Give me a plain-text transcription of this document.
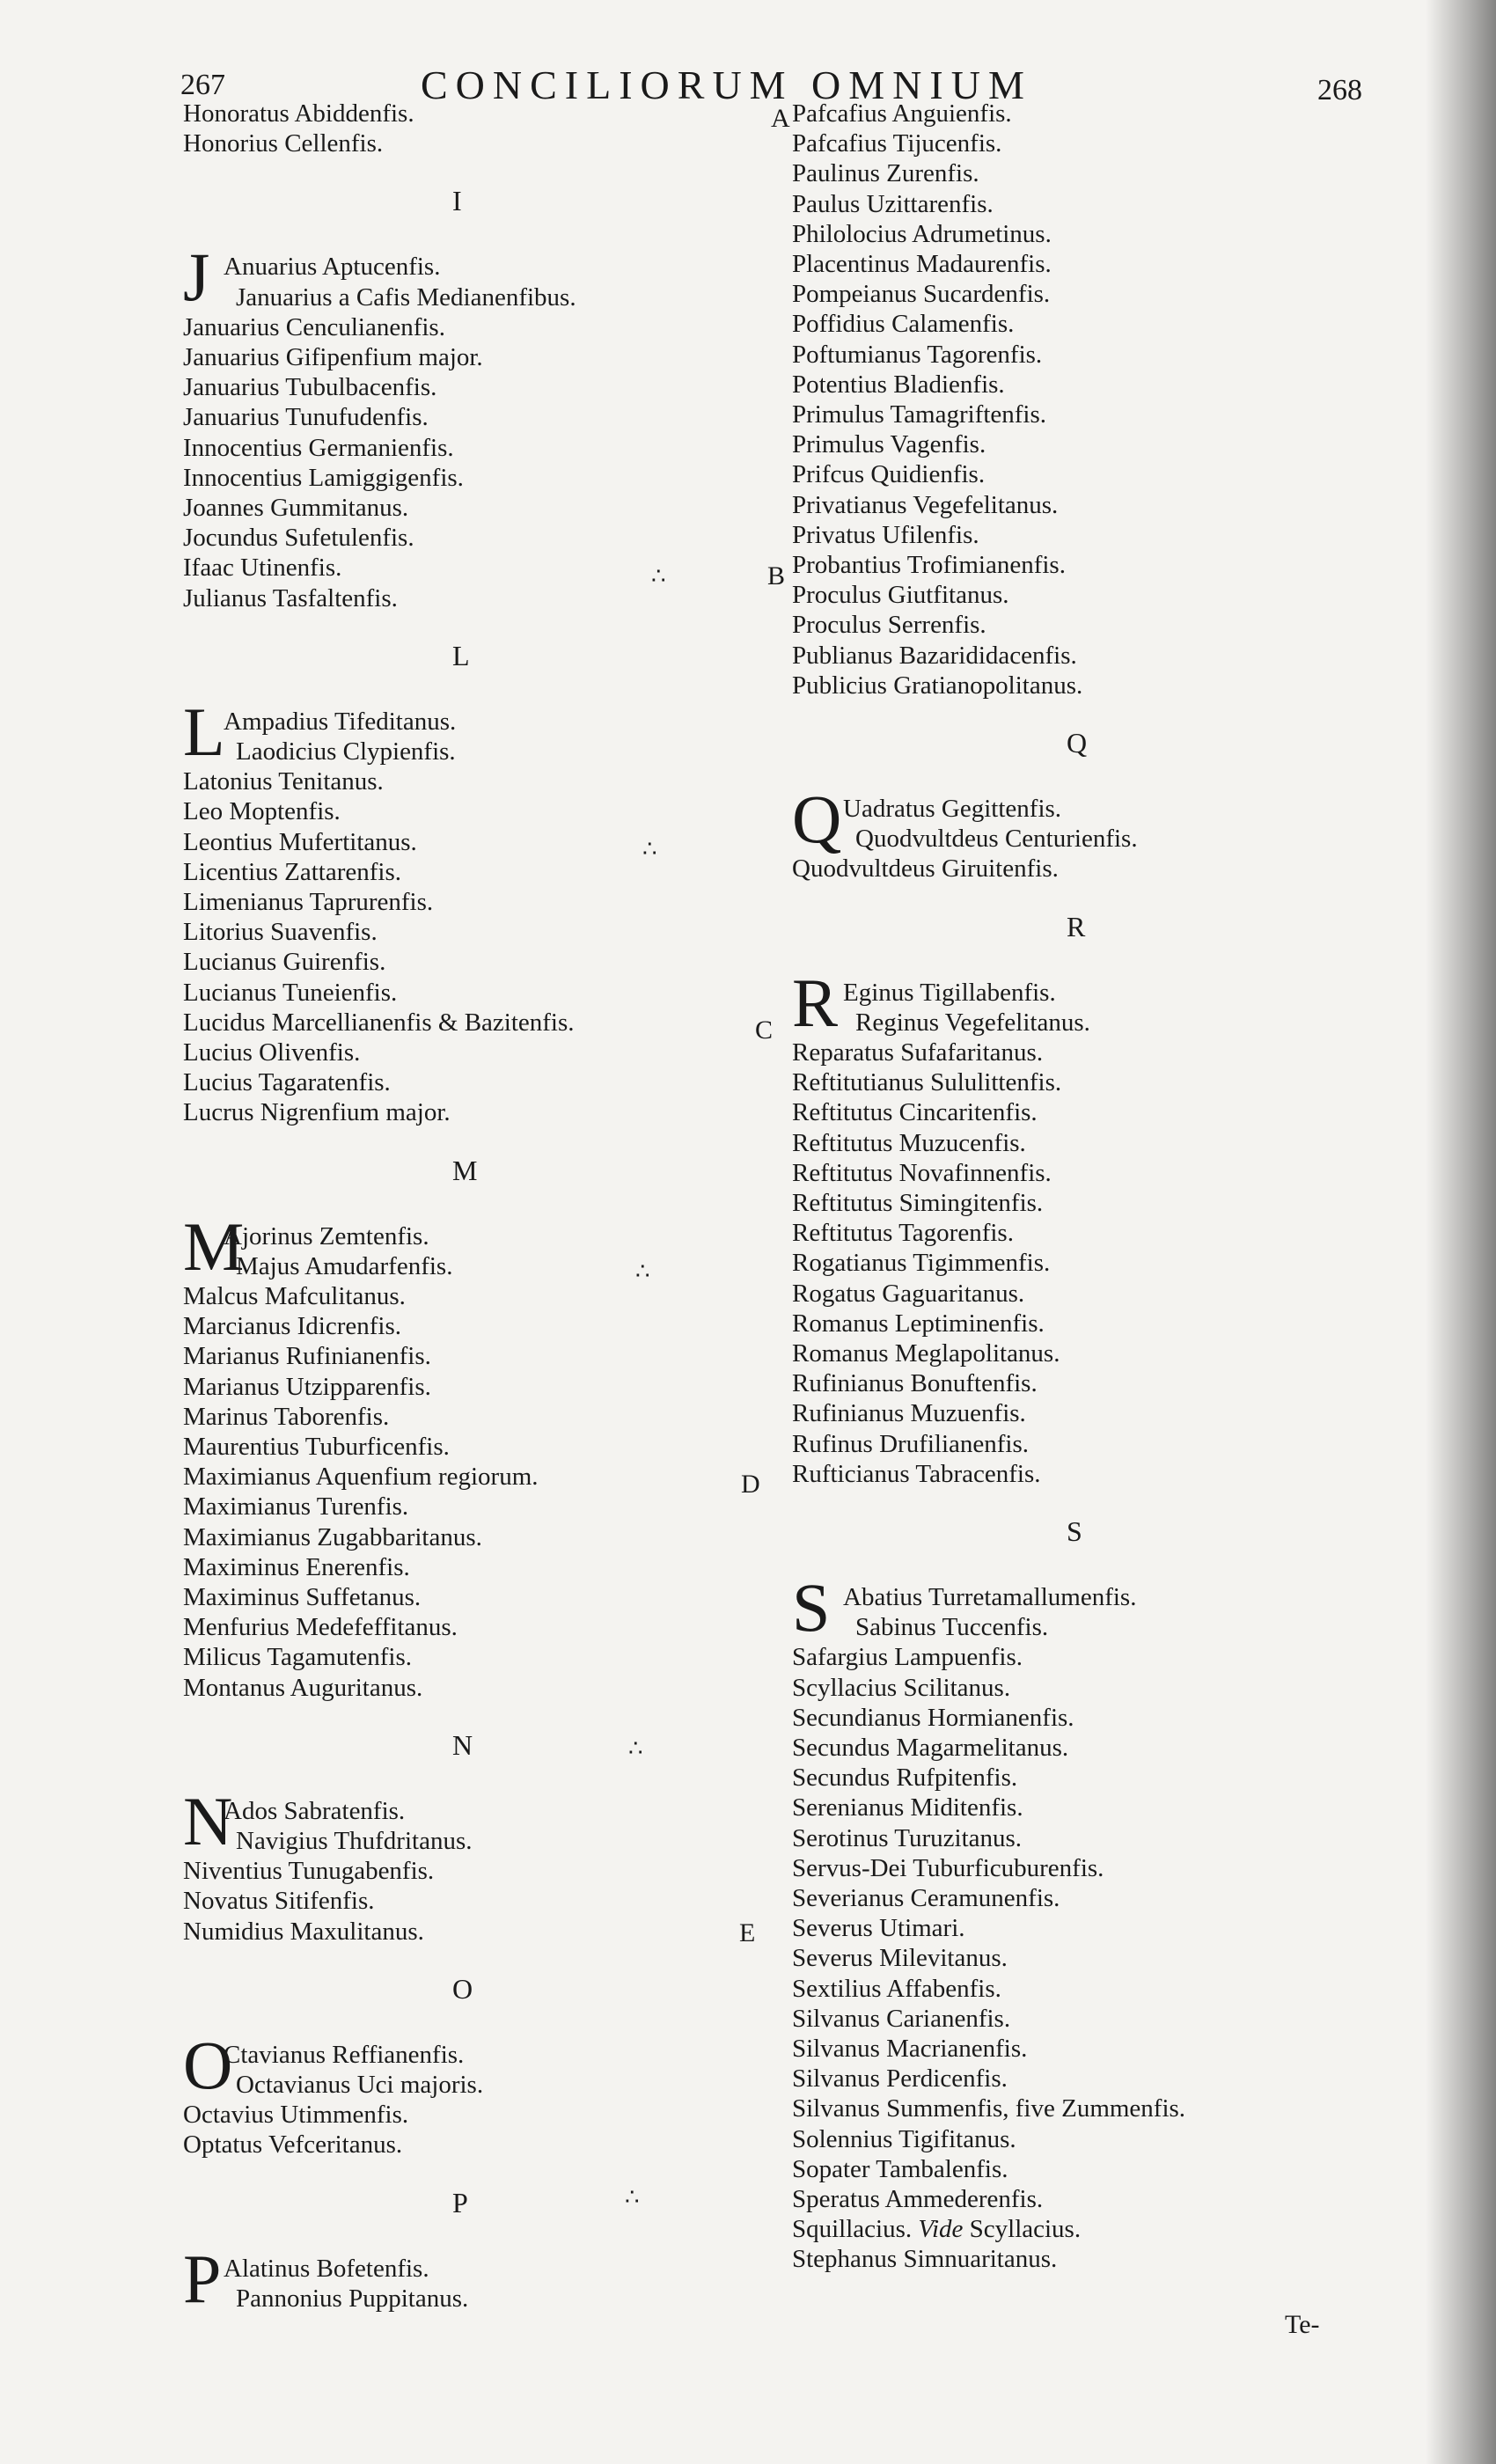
267	CONCILIORUM OMNIUM	268
Honoratus Abiddenfis.
Honorius Cellenfis.
I
J Anuarius Aptucenfis.
Januarius a Cafis Medianenfibus.
Januarius Cenculianenfis.
Januarius Gifipenfium major.
Januarius Tubulbacenfis.
Januarius Tunufudenfis.
Innocentius Germanienfis.
Innocentius Lamiggigenfis.
Joannes Gummitanus.
Jocundus Sufetulenfis.
Ifaac Utinenfis.
Julianus Tasfaltenfis.
L
L
Ampadius Tifeditanus.
Laodicius Clypienfis.
Latonius Tenitanus.
Leo Moptenfis.
Leontius Mufertitanus.
Licentius Zattarenfis.
Limenianus Taprurenfis.
Litorius Suavenfis.
Lucianus Guirenfis.
Lucianus Tuneienfis.
Lucidus Marcellianenfis & Bazitenfis.
Lucius Olivenfis.
Lucius Tagaratenfis.
Lucrus Nigrenfium major.
M
M
Ajorinus Zemtenfis.
Majus Amudarfenfis.
Malcus Mafculitanus.
Marcianus Idicrenfis.
Marianus Rufinianenfis.
Marianus Utzipparenfis.
Marinus Taborenfis.
Maurentius Tuburficenfis.
Maximianus Aquenfium regiorum.
Maximianus Turenfis.
Maximianus Zugabbaritanus.
Maximinus Enerenfis.
Maximinus Suffetanus.
Menfurius Medefeffitanus.
Milicus Tagamutenfis.
Montanus Auguritanus.
N
N
Ados Sabratenfis.
Navigius Thufdritanus.
Niventius Tunugabenfis.
Novatus Sitifenfis.
Numidius Maxulitanus.
O
O
Ctavianus Reffianenfis.
Octavianus Uci majoris.
Octavius Utimmenfis.
Optatus Vefceritanus.
P
P Alatinus Bofetenfis.
Pannonius Puppitanus.
Pafcafius Anguienfis.
Pafcafius Tijucenfis.
Paulinus Zurenfis.
Paulus Uzittarenfis.
Philolocius Adrumetinus.
Placentinus Madaurenfis.
Pompeianus Sucardenfis.
Poffidius Calamenfis.
Poftumianus Tagorenfis.
Potentius Bladienfis.
Primulus Tamagriftenfis.
Primulus Vagenfis.
Prifcus Quidienfis.
Privatianus Vegefelitanus.
Privatus Ufilenfis.
Probantius Trofimianenfis.
Proculus Giutfitanus.
Proculus Serrenfis.
Publianus Bazarididacenfis.
Publicius Gratianopolitanus.
Q
Q Uadratus Gegittenfis.
Quodvultdeus Centurienfis.
Quodvultdeus Giruitenfis.
R
R Eginus Tigillabenfis.
Reginus Vegefelitanus.
Reparatus Sufafaritanus.
Reftitutianus Sululittenfis.
Reftitutus Cincaritenfis.
Reftitutus Muzucenfis.
Reftitutus Novafinnenfis.
Reftitutus Simingitenfis.
Reftitutus Tagorenfis.
Rogatianus Tigimmenfis.
Rogatus Gaguaritanus.
Romanus Leptiminenfis.
Romanus Meglapolitanus.
Rufinianus Bonuftenfis.
Rufinianus Muzuenfis.
Rufinus Drufilianenfis.
Rufticianus Tabracenfis.
S
S Abatius Turretamallumenfis.
Sabinus Tuccenfis.
Safargius Lampuenfis.
Scyllacius Scilitanus.
Secundianus Hormianenfis.
Secundus Magarmelitanus.
Secundus Rufpitenfis.
Serenianus Miditenfis.
Serotinus Turuzitanus.
Servus-Dei Tuburficuburenfis.
Severianus Ceramunenfis.
Severus Utimari.
Severus Milevitanus.
Sextilius Affabenfis.
Silvanus Carianenfis.
Silvanus Macrianenfis.
Silvanus Perdicenfis.
Silvanus Summenfis, five Zummenfis.
Solennius Tigifitanus.
Sopater Tambalenfis.
Speratus Ammederenfis.
Squillacius. Vide Scyllacius.
Stephanus Simnuaritanus.
A
B
C
D
E
∴
∴
∴
∴
∴
Te-
